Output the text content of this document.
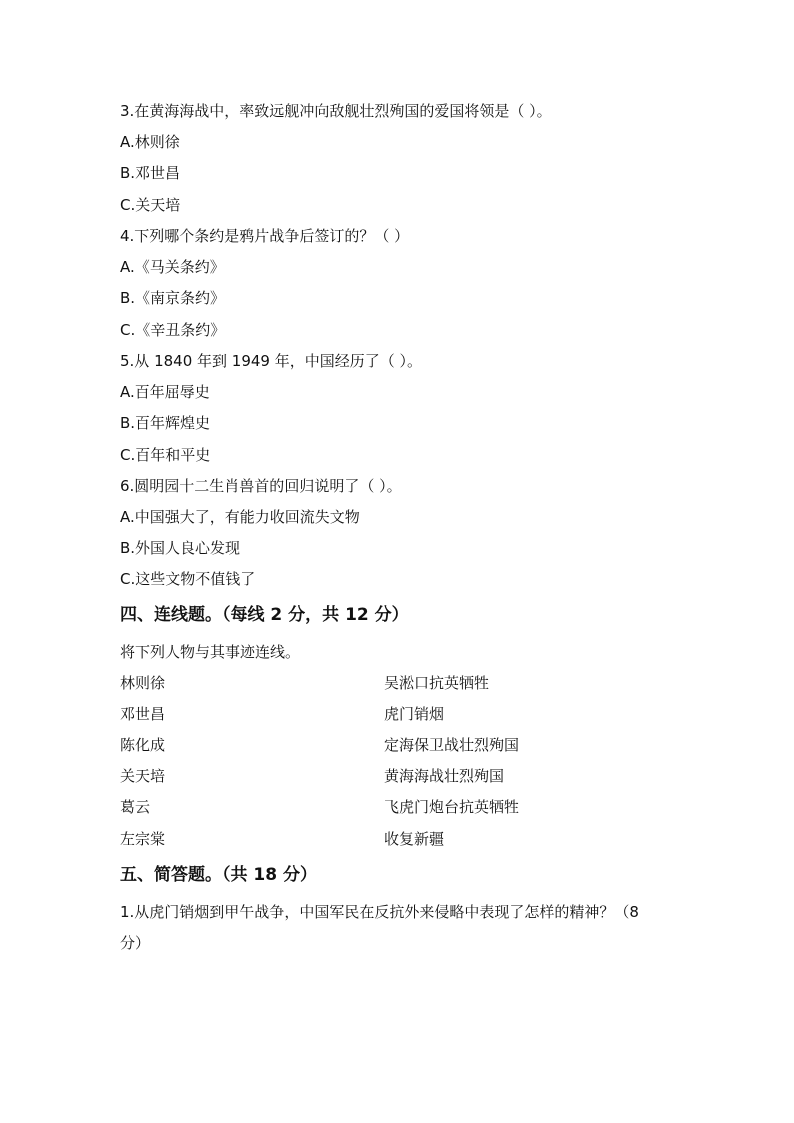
3.在黄海海战中，率致远舰冲向敌舰壮烈殉国的爱国将领是（ ）。
A.林则徐
B.邓世昌
C.关天培
4.下列哪个条约是鸦片战争后签订的？（ ）
A.《马关条约》
B.《南京条约》
C.《辛丑条约》
5.从 1840 年到 1949 年，中国经历了（ ）。
A.百年屈辱史
B.百年辉煌史
C.百年和平史
6.圆明园十二生肖兽首的回归说明了（ ）。
A.中国强大了，有能力收回流失文物
B.外国人良心发现
C.这些文物不值钱了
四、连线题。（每线 2 分，共 12 分）
将下列人物与其事迹连线。
林则徐	吴淞口抗英牺牲
邓世昌	虎门销烟
陈化成	定海保卫战壮烈殉国
关天培	黄海海战壮烈殉国
葛云	飞虎门炮台抗英牺牲
左宗棠	收复新疆
五、简答题。（共 18 分）
1.从虎门销烟到甲午战争，中国军民在反抗外来侵略中表现了怎样的精神？（8
分）
